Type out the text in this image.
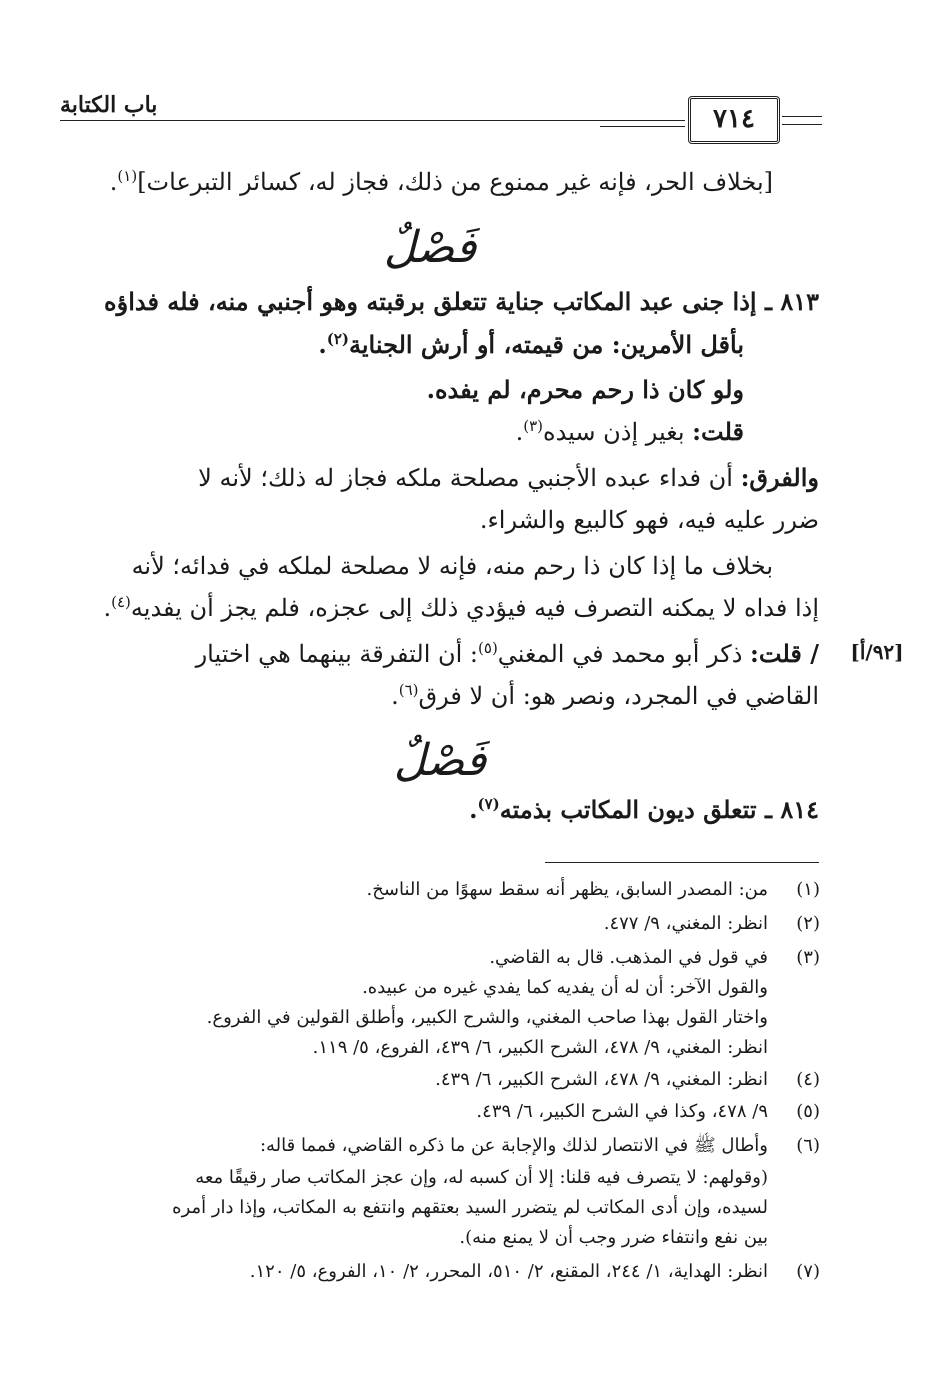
باب الكتابة	٧١٤
[بخلاف الحر، فإنه غير ممنوع من ذلك، فجاز له، كسائر التبرعات]$^{(١)}$.
فَصْلٌ
٨١٣ ـ إذا جنى عبد المكاتب جناية تتعلق برقبته وهو أجنبي منه، فله فداؤه
بأقل الأمرين: من قيمته، أو أرش الجناية$^{(٢)}$.
ولو كان ذا رحم محرم، لم يفده.
قلت: بغير إذن سيده$^{(٣)}$.
والفرق: أن فداء عبده الأجنبي مصلحة ملكه فجاز له ذلك؛ لأنه لا
ضرر عليه فيه، فهو كالبيع والشراء.
بخلاف ما إذا كان ذا رحم منه، فإنه لا مصلحة لملكه في فدائه؛ لأنه
إذا فداه لا يمكنه التصرف فيه فيؤدي ذلك إلى عجزه، فلم يجز أن يفديه$^{(٤)}$.
[٩٢/أ]
/ قلت: ذكر أبو محمد في المغني$^{(٥)}$: أن التفرقة بينهما هي اختيار
القاضي في المجرد، ونصر هو: أن لا فرق$^{(٦)}$.
فَصْلٌ
٨١٤ ـ تتعلق ديون المكاتب بذمته$^{(٧)}$.
(١)
من: المصدر السابق، يظهر أنه سقط سهوًا من الناسخ.
(٢)
انظر: المغني، ٩/ ٤٧٧.
(٣)
في قول في المذهب. قال به القاضي.
والقول الآخر: أن له أن يفديه كما يفدي غيره من عبيده.
واختار القول بهذا صاحب المغني، والشرح الكبير، وأطلق القولين في الفروع.
انظر: المغني، ٩/ ٤٧٨، الشرح الكبير، ٦/ ٤٣٩، الفروع، ٥/ ١١٩.
(٤)
انظر: المغني، ٩/ ٤٧٨، الشرح الكبير، ٦/ ٤٣٩.
(٥)
٩/ ٤٧٨، وكذا في الشرح الكبير، ٦/ ٤٣٩.
(٦)
وأطال ﷺ في الانتصار لذلك والإجابة عن ما ذكره القاضي، فمما قاله:
(وقولهم: لا يتصرف فيه قلنا: إلا أن كسبه له، وإن عجز المكاتب صار رقيقًا معه
لسيده، وإن أدى المكاتب لم يتضرر السيد بعتقهم وانتفع به المكاتب، وإذا دار أمره
بين نفع وانتفاء ضرر وجب أن لا يمنع منه).
(٧)
انظر: الهداية، ١/ ٢٤٤، المقنع، ٢/ ٥١٠، المحرر، ٢/ ١٠، الفروع، ٥/ ١٢٠.
